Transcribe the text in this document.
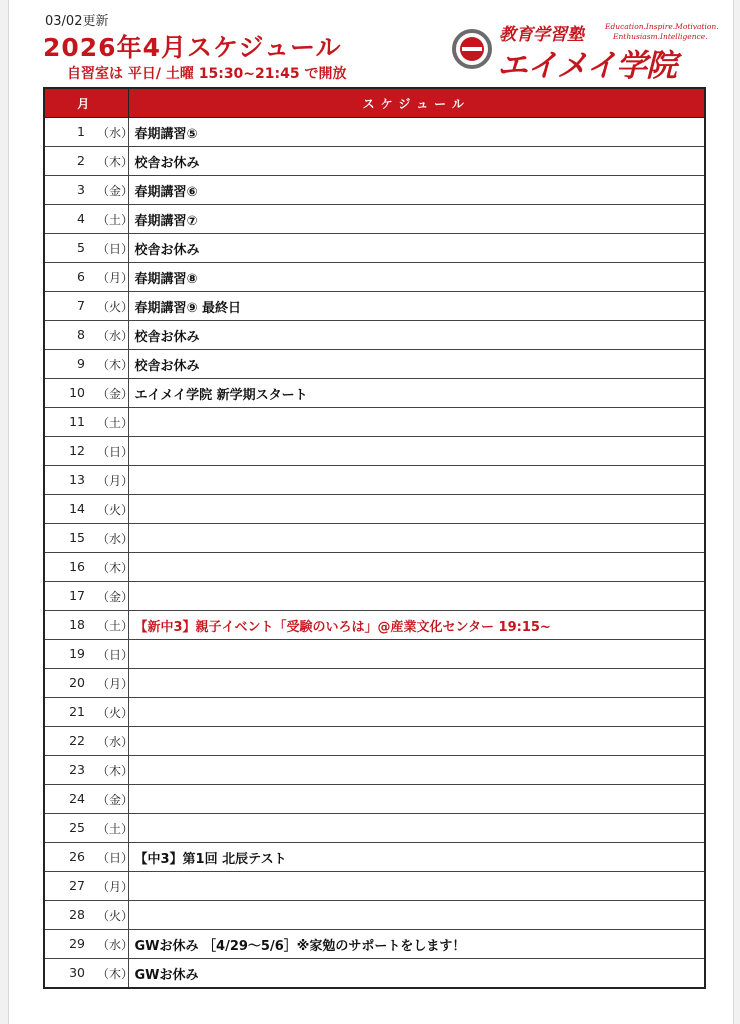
03/02更新
2026年4月スケジュール
自習室は 平日/ 土曜 15:30~21:45 で開放
教育学習塾	Education.Inspire.Motivation.
Enthusiasm.Intelligence.
エイメイ学院
月	スケジュール

1 （水）	春期講習⑤

2 （木）	校舎お休み

3 （金）	春期講習⑥

4 （土）	春期講習⑦

5 （日）	校舎お休み

6 （月）	春期講習⑧

7 （火）	春期講習⑨ 最終日

8 （水）	校舎お休み

9 （木）	校舎お休み

10 （金）	エイメイ学院 新学期スタート

11 （土）	

12 （日）	

13 （月）	

14 （火）	

15 （水）	

16 （木）	

17 （金）	

18 （土）	【新中3】親子イベント「受験のいろは」@産業文化センター 19:15~

19 （日）	

20 （月）	

21 （火）	

22 （水）	

23 （木）	

24 （金）	

25 （土）	

26 （日）	【中3】第1回 北辰テスト

27 （月）	

28 （火）	

29 （水）	GWお休み ［4/29～5/6］※家勉のサポートをします！

30 （木）	GWお休み
